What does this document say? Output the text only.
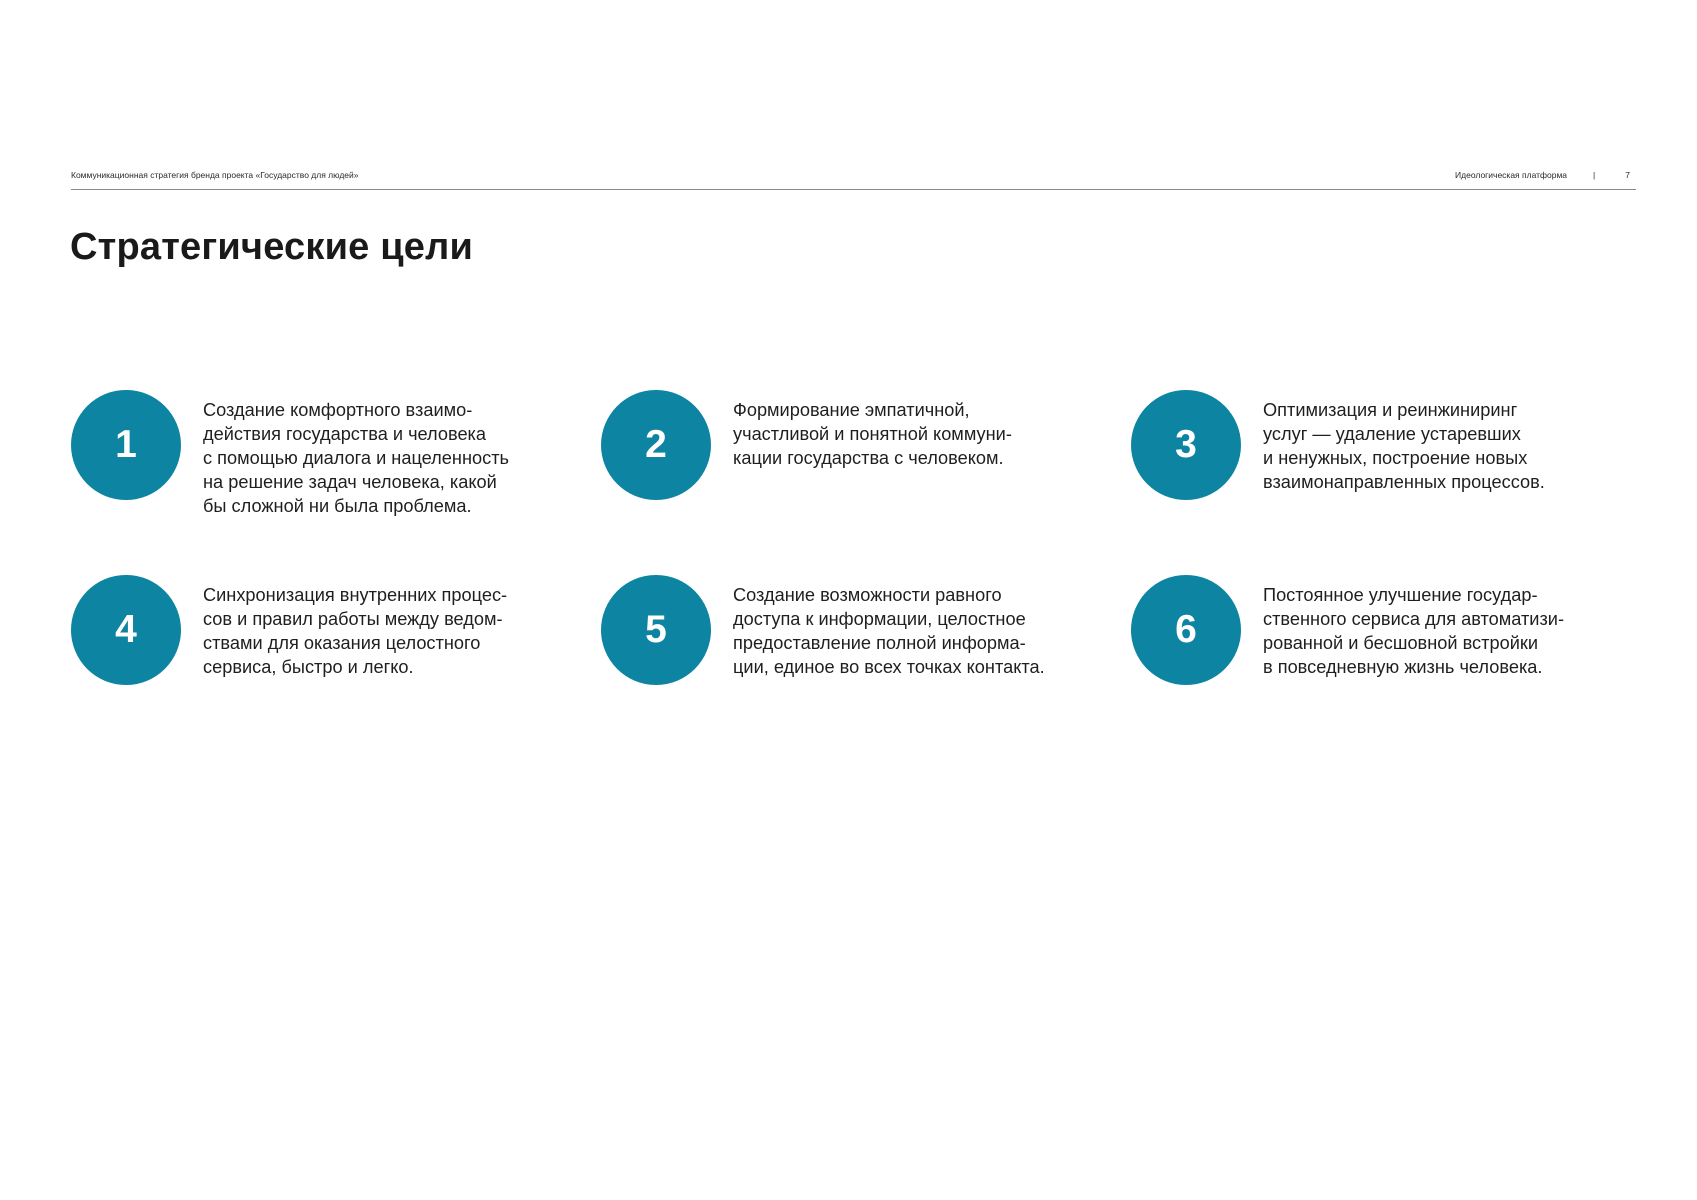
Коммуникационная стратегия бренда проекта «Государство для людей»	Идеологическая платформа	|	7
Стратегические цели
1
Создание комфортного взаимо-
действия государства и человека
с помощью диалога и нацеленность
на решение задач человека, какой
бы сложной ни была проблема.
2
Формирование эмпатичной,
участливой и понятной коммуни-
кации государства с человеком.	3
Оптимизация и реинжиниринг
услуг — удаление устаревших
и ненужных, построение новых
взаимонаправленных процессов.
4
Синхронизация внутренних процес-
сов и правил работы между ведом-
ствами для оказания целостного
сервиса, быстро и легко.
5
Создание возможности равного
доступа к информации, целостное
предоставление полной информа-
ции, единое во всех точках контакта.
6
Постоянное улучшение государ-
ственного сервиса для автоматизи-
рованной и бесшовной встройки
в повседневную жизнь человека.
